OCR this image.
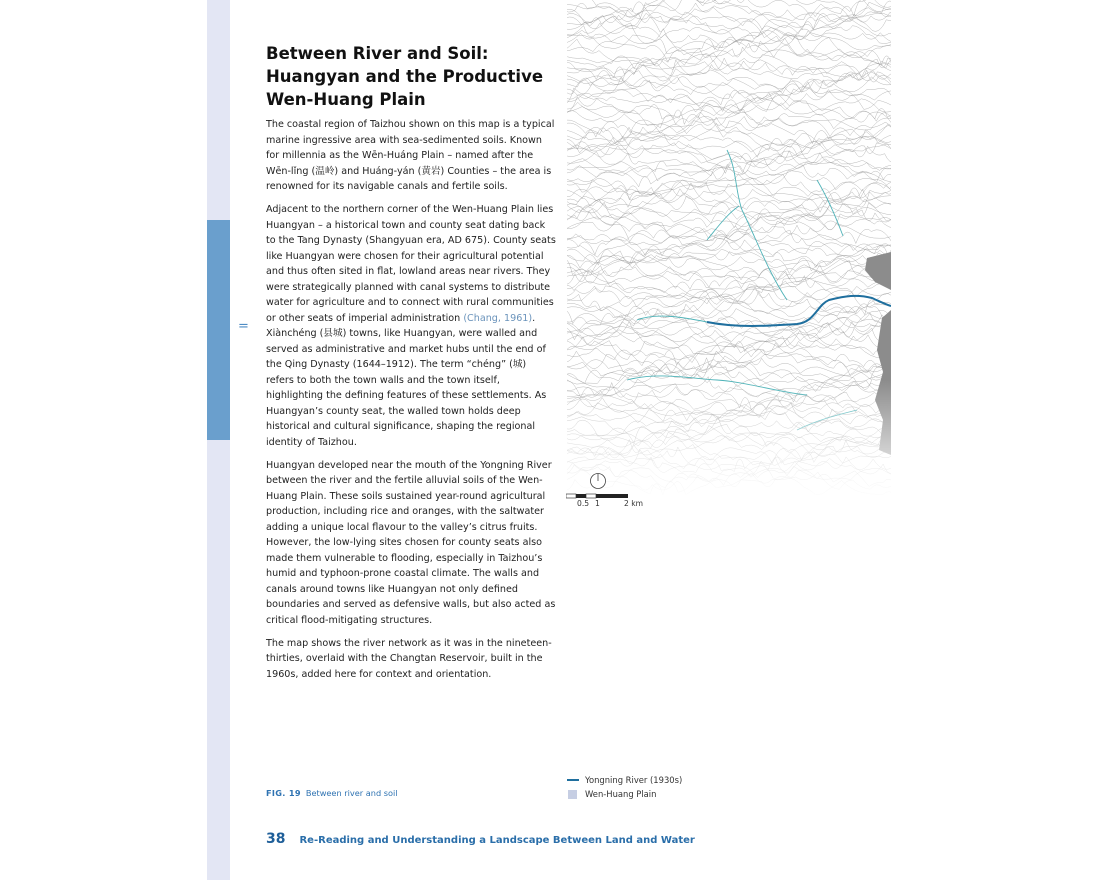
=
Between River and Soil: Huangyan and the Productive Wen-Huang Plain

The coastal region of Taizhou shown on this map is a typical marine ingressive area with sea-sedimented soils. Known for millennia as the Wēn-Huáng Plain – named after the Wēn-lǐng (温岭) and Huáng-yán (黄岩) Counties – the area is renowned for its navigable canals and fertile soils.

Adjacent to the northern corner of the Wen-Huang Plain lies Huangyan – a historical town and county seat dating back to the Tang Dynasty (Shangyuan era, AD 675). County seats like Huangyan were chosen for their agricultural potential and thus often sited in flat, lowland areas near rivers. They were strategically planned with canal systems to distribute water for agriculture and to connect with rural communities or other seats of imperial administration (Chang, 1961). Xiànchéng (县城) towns, like Huangyan, were walled and served as administrative and market hubs until the end of the Qing Dynasty (1644–1912). The term “chéng” (城) refers to both the town walls and the town itself, highlighting the defining features of these settlements. As Huangyan’s county seat, the walled town holds deep historical and cultural significance, shaping the regional identity of Taizhou.

Huangyan developed near the mouth of the Yongning River between the river and the fertile alluvial soils of the Wen-Huang Plain. These soils sustained year-round agricultural production, including rice and oranges, with the saltwater adding a unique local flavour to the valley’s citrus fruits. However, the low-lying sites chosen for county seats also made them vulnerable to flooding, especially in Taizhou’s humid and typhoon-prone coastal climate. The walls and canals around towns like Huangyan not only defined boundaries and served as defensive walls, but also acted as critical flood-mitigating structures.

The map shows the river network as it was in the nineteenthirties, overlaid with the Changtan Reservoir, built in the 1960s, added here for context and orientation.

0.5 1	2 km
Yongning River (1930s)
Wen-Huang Plain
FIG. 19 Between river and soil
38 Re-Reading and Understanding a Landscape Between Land and Water
